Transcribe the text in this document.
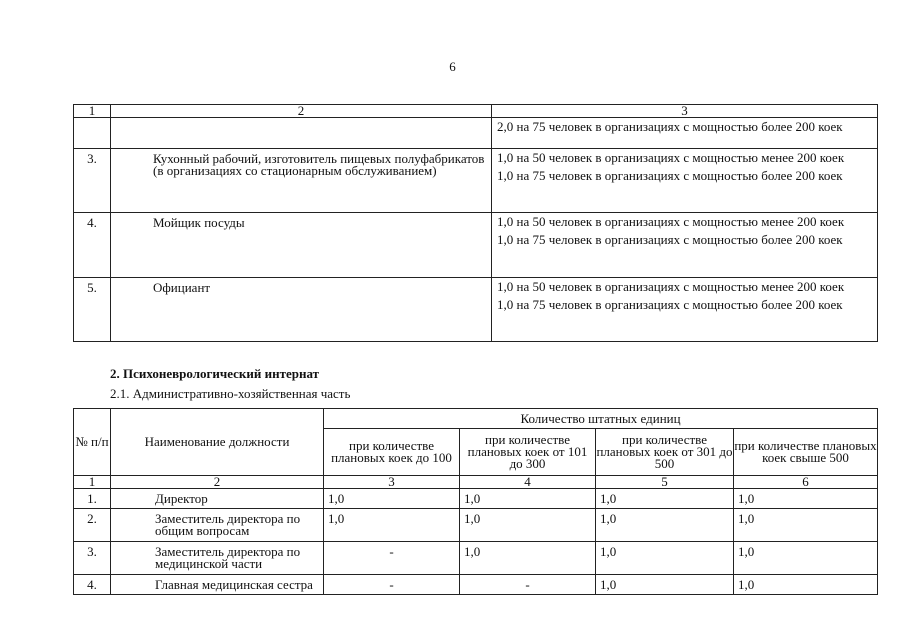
6
1	2	3

		2,0 на 75 человек в организациях с мощностью более 200 коек

3.	Кухонный рабочий, изготовитель пищевых полуфабрикатов (в организациях со стационарным обслуживанием)	1,0 на 50 человек в организациях с мощностью менее 200 коек
1,0 на 75 человек в организациях с мощностью более 200 коек

4.	Мойщик посуды	1,0 на 50 человек в организациях с мощностью менее 200 коек
1,0 на 75 человек в организациях с мощностью более 200 коек

5.	Официант	1,0 на 50 человек в организациях с мощностью менее 200 коек
1,0 на 75 человек в организациях с мощностью более 200 коек
2. Психоневрологический интернат
2.1. Административно-хозяйственная часть
№ п/п	Наименование должности	Количество штатных единиц			
		при количестве плановых коек до 100	при количестве плановых коек от 101 до 300	при количестве плановых коек от 301 до 500	при количестве плановых коек свыше 500
1	2	3	4	5	6
1.	Директор	1,0	1,0	1,0	1,0
2.	Заместитель директора по общим вопросам	1,0	1,0	1,0	1,0
3.	Заместитель директора по медицинской части	-	1,0	1,0	1,0
4.	Главная медицинская сестра	-	-	1,0	1,0
